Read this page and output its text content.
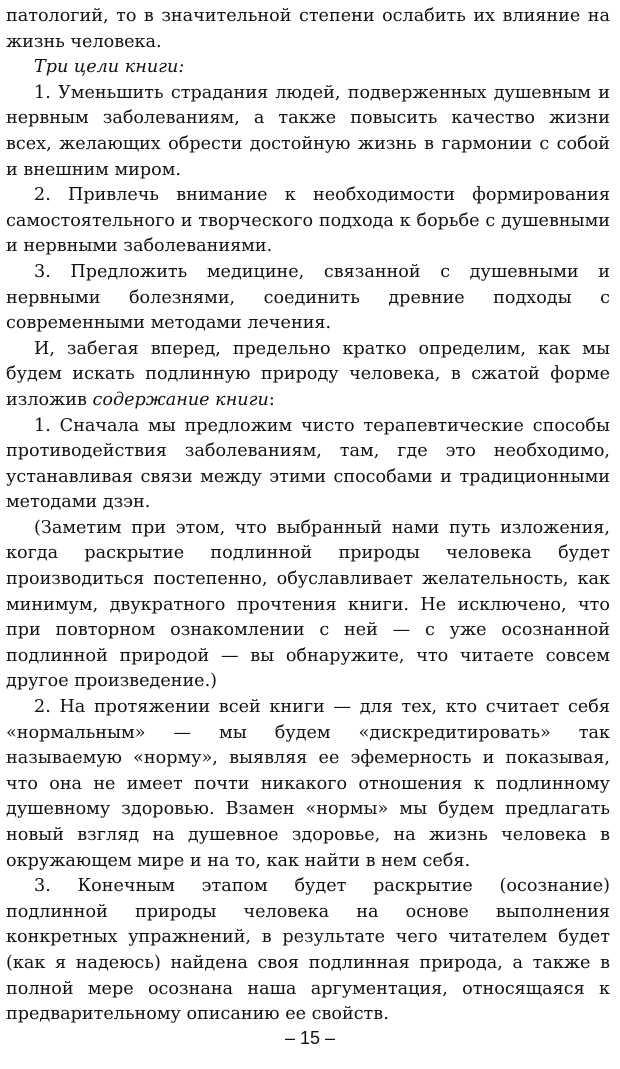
патологий, то в значительной степени ослабить их влияние на жизнь человека.

Три цели книги:

1. Уменьшить страдания людей, подверженных душевным и нервным заболеваниям, а также повысить качество жизни всех, желающих обрести достойную жизнь в гармонии с собой и внешним миром.

2. Привлечь внимание к необходимости формирования самостоятельного и творческого подхода к борьбе с душевными и нервными заболеваниями.

3. Предложить медицине, связанной с душевными и нервными болезнями, соединить древние подходы с современными методами лечения.

И, забегая вперед, предельно кратко определим, как мы будем искать подлинную природу человека, в сжатой форме изложив содержание книги:

1. Сначала мы предложим чисто терапевтические способы противодействия заболеваниям, там, где это необходимо, устанавливая связи между этими способами и традиционными методами дзэн.

(Заметим при этом, что выбранный нами путь изложения, когда раскрытие подлинной природы человека будет производиться постепенно, обуславливает желательность, как минимум, двукратного прочтения книги. Не исключено, что при повторном ознакомлении с ней — с уже осознанной подлинной природой — вы обнаружите, что читаете совсем другое произведение.)

2. На протяжении всей книги — для тех, кто считает себя «нормальным» — мы будем «дискредитировать» так называемую «норму», выявляя ее эфемерность и показывая, что она не имеет почти никакого отношения к подлинному душевному здоровью. Взамен «нормы» мы будем предлагать новый взгляд на душевное здоровье, на жизнь человека в окружающем мире и на то, как найти в нем себя.

3. Конечным этапом будет раскрытие (осознание) подлинной природы человека на основе выполнения конкретных упражнений, в результате чего читателем будет (как я надеюсь) найдена своя подлинная природа, а также в полной мере осознана наша аргументация, относящаяся к предварительному описанию ее свойств.

– 15 –
